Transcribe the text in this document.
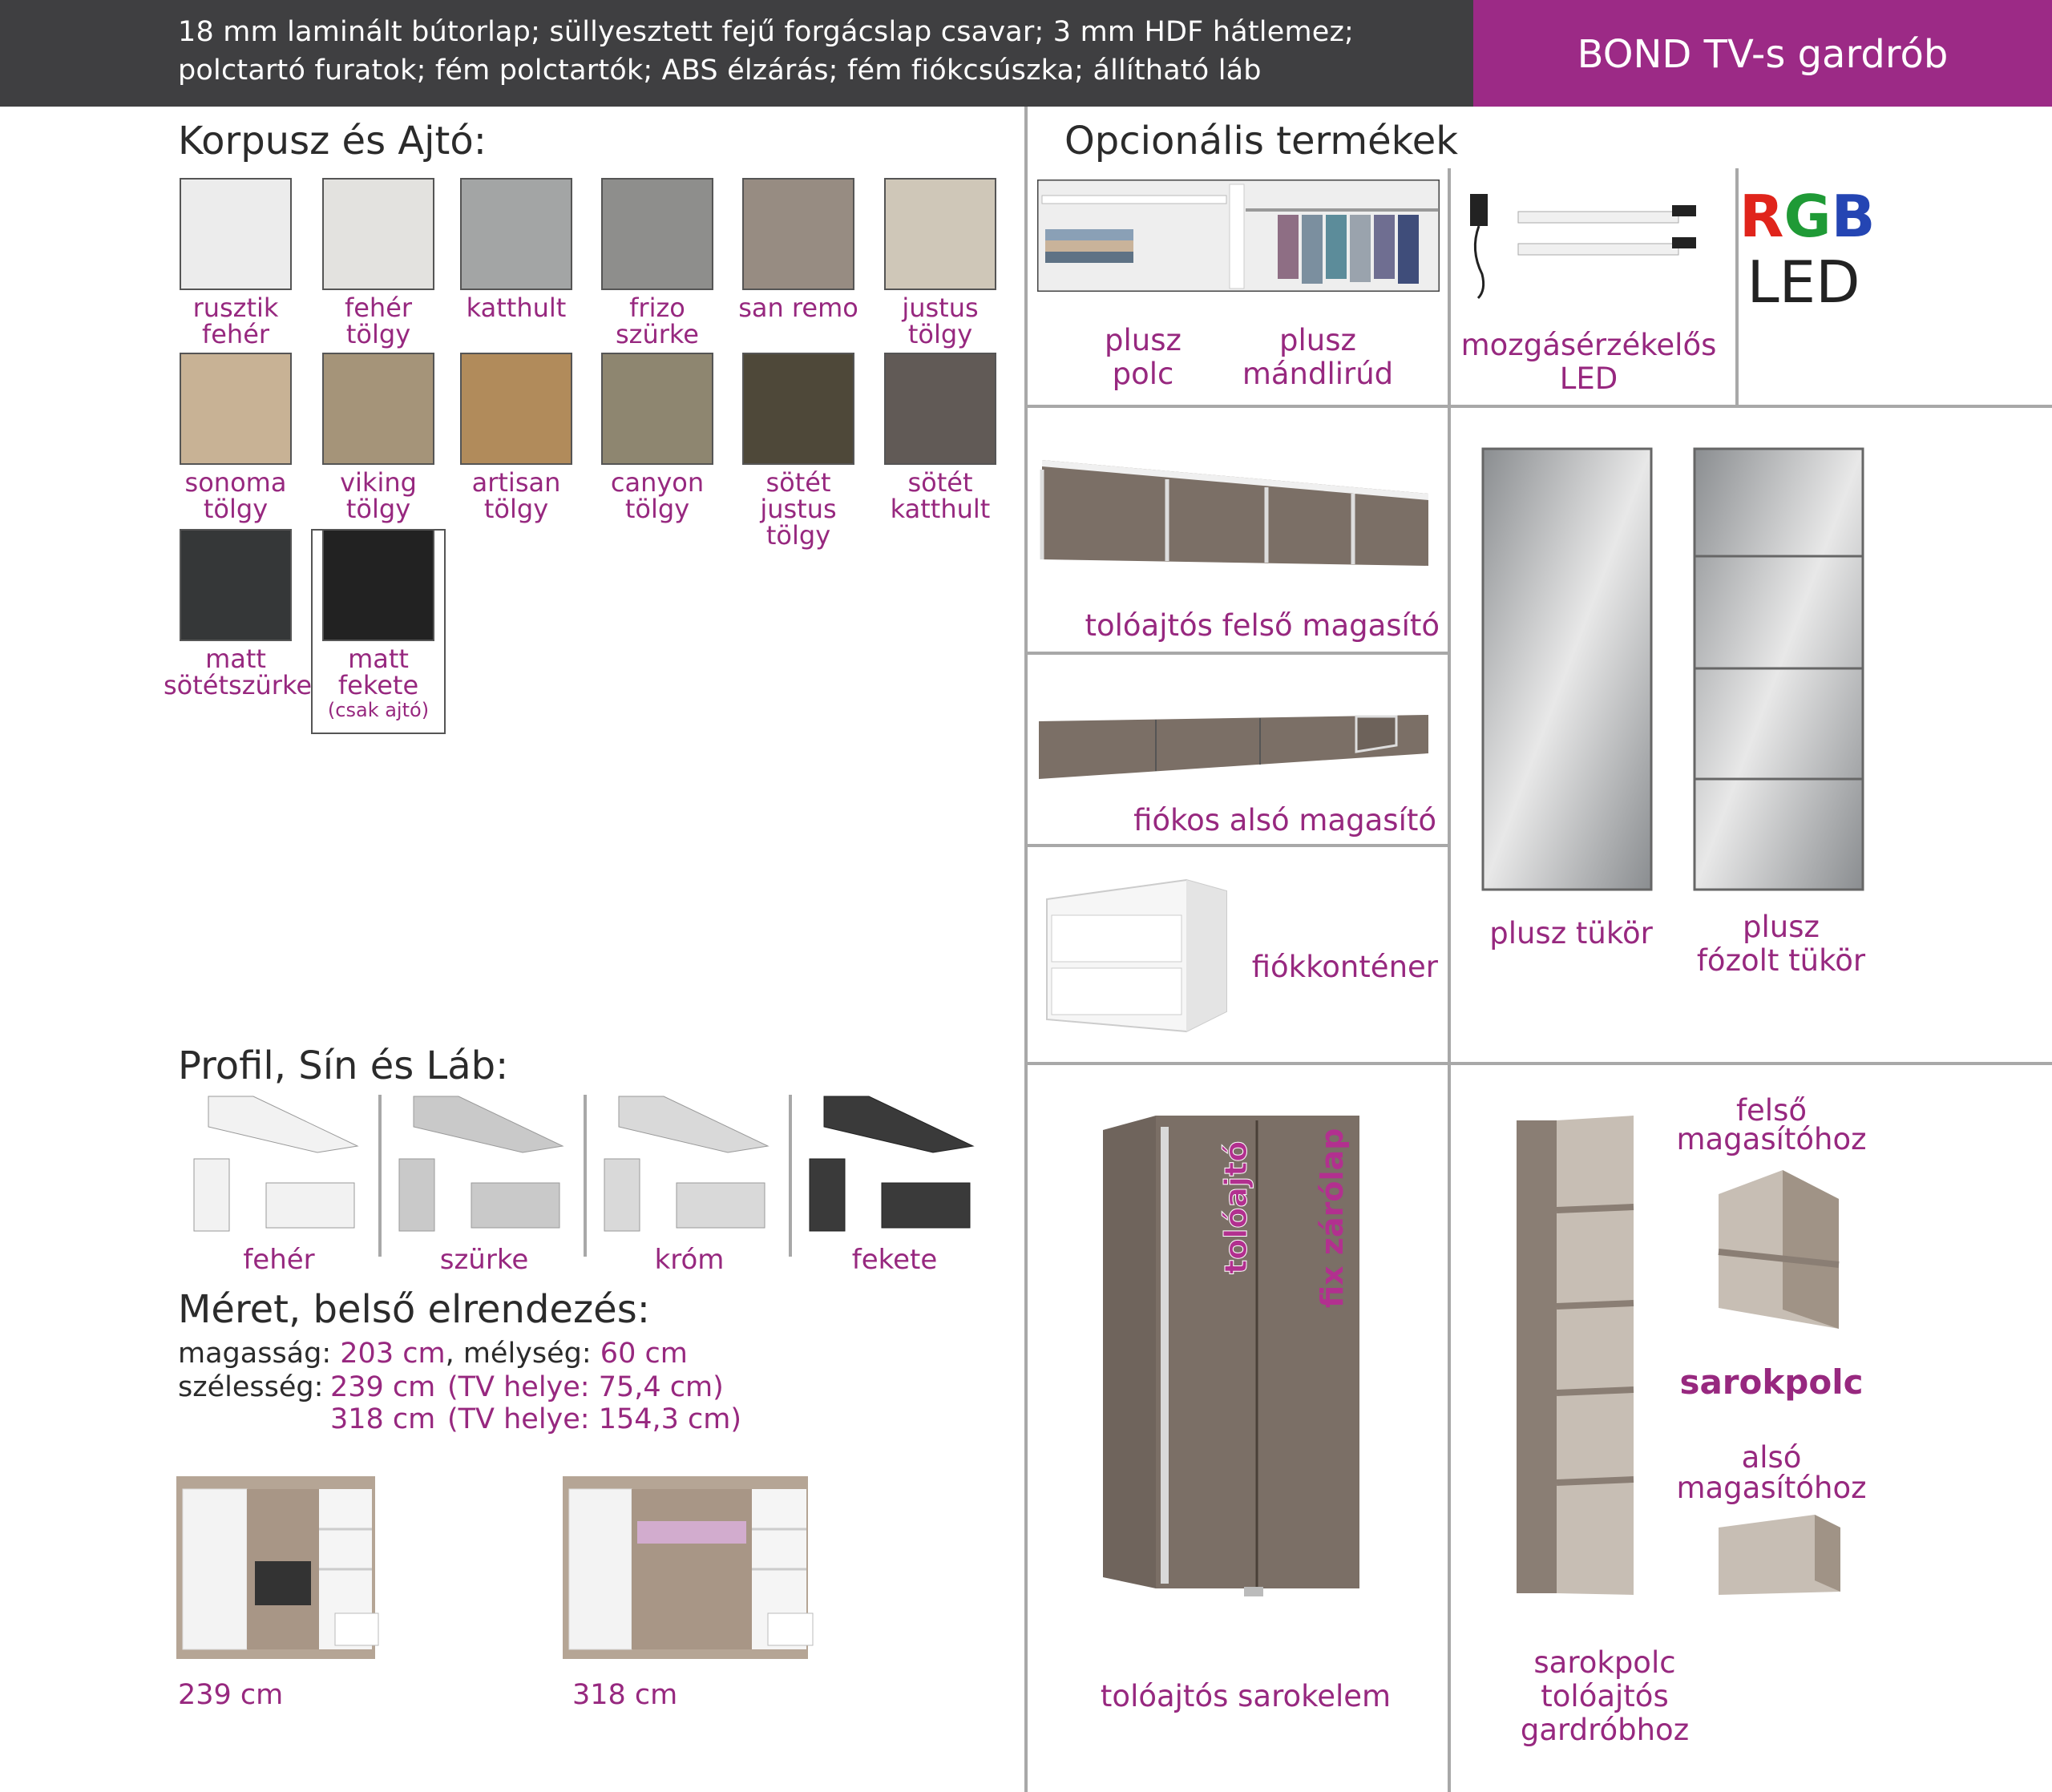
18 mm laminált bútorlap; süllyesztett fejű forgácslap csavar; 3 mm HDF hátlemez;
polctartó furatok; fém polctartók; ABS élzárás; fém fiókcsúszka; állítható láb	BOND TV-s gardrób
Korpusz és Ajtó:
rusztik
fehér
fehér
tölgy
katthult	frizo
szürke
san remo	justus
tölgy
sonoma
tölgy
viking
tölgy
artisan
tölgy
canyon
tölgy
sötét
justus tölgy
sötét
katthult
matt
sötétszürke
matt
fekete
(csak ajtó)
Profil, Sín és Láb:
fehér	szürke	króm	fekete
Méret, belső elrendezés:
magasság: 203 cm, mélység: 60 cm
szélesség: 239 cm (TV helye: 75,4 cm)
318 cm (TV helye: 154,3 cm)
239 cm	318 cm
Opcionális termékek
plusz
polc
plusz
mándlirúd
mozgásérzékelős
LED
RGB
LED
tolóajtós felső magasító
fiókos alsó magasító
fiókkonténer
plusz tükör	plusz
fózolt tükör
tolóajtó fix zárólap
tolóajtós sarokelem
felső
magasítóhoz
sarokpolc
alsó
magasítóhoz
sarokpolc
tolóajtós gardróbhoz
